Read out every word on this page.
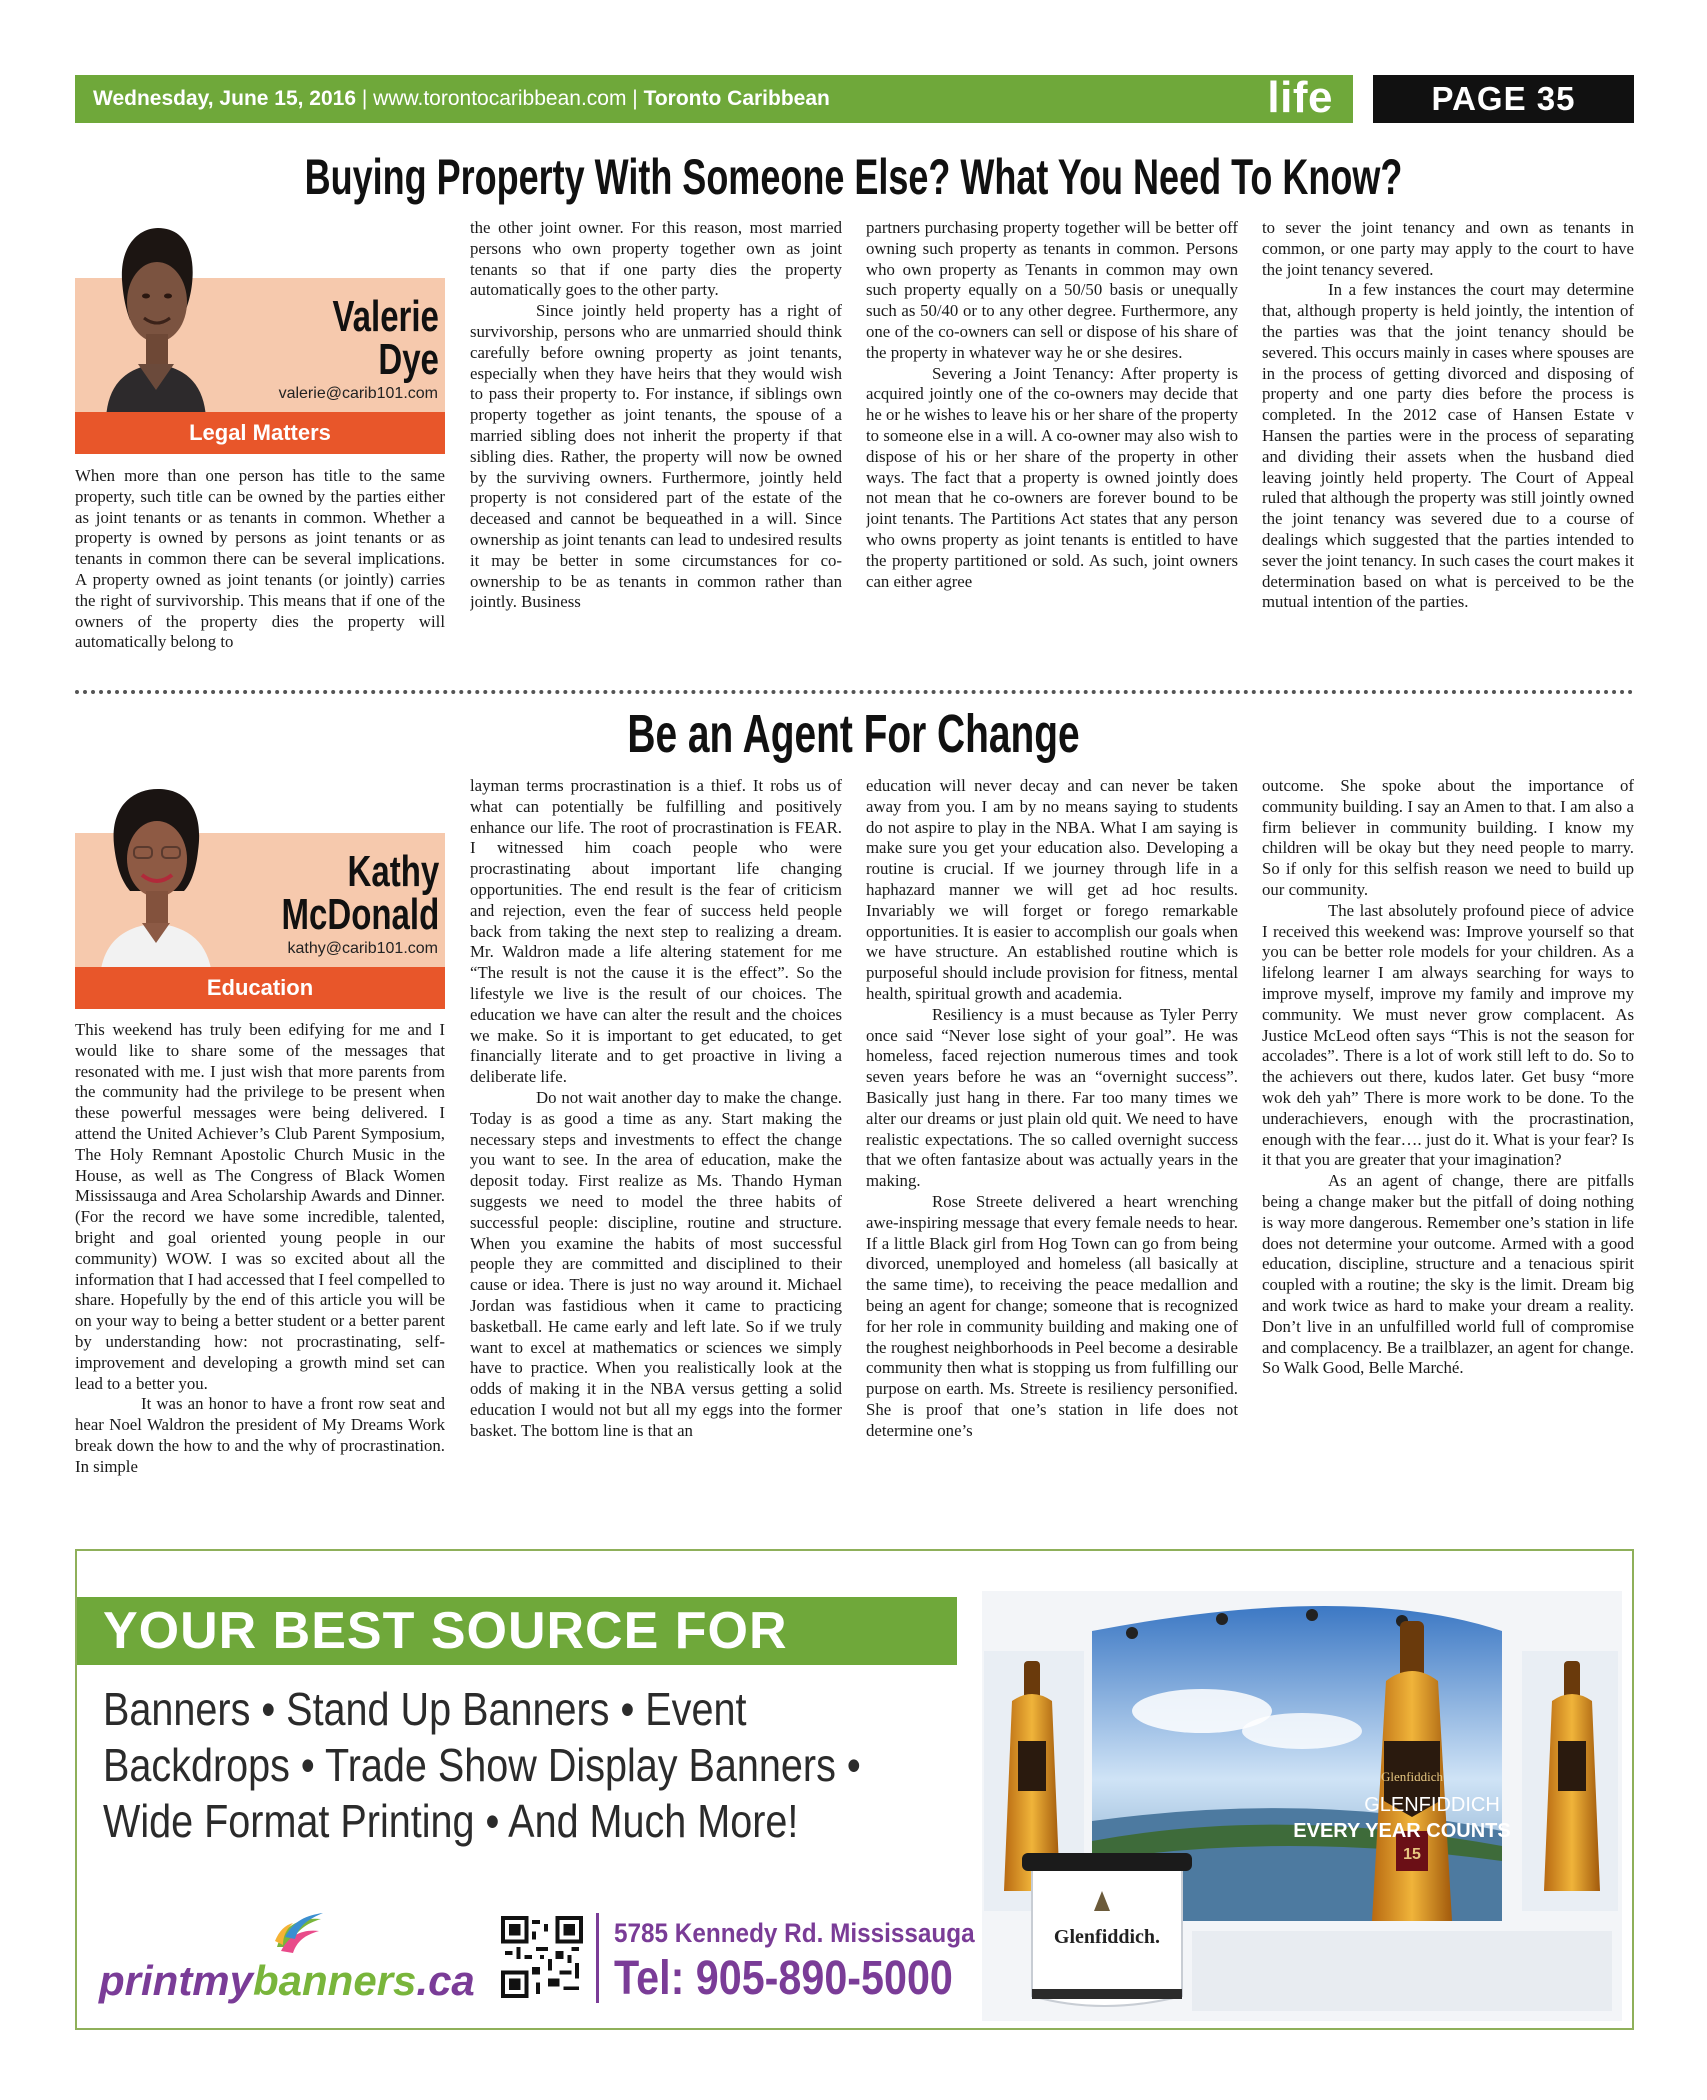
Wednesday, June 15, 2016 | www.torontocaribbean.com | Toronto Caribbean	life	PAGE 35
Buying Property With Someone Else? What You Need To Know?
Valerie
Dye
valerie@carib101.com
Legal Matters

When more than one person has title to the same property, such title can be owned by the parties either as joint tenants or as tenants in common. Whether a property is owned by persons as joint tenants or as tenants in common there can be several implications. A property owned as joint tenants (or jointly) carries the right of survivorship. This means that if one of the owners of the property dies the property will automatically belong to

the other joint owner. For this reason, most married persons who own property together own as joint tenants so that if one party dies the property automatically goes to the other party.

Since jointly held property has a right of survivorship, persons who are unmarried should think carefully before owning property as joint tenants, especially when they have heirs that they would wish to pass their property to. For instance, if siblings own property together as joint tenants, the spouse of a married sibling does not inherit the property if that sibling dies. Rather, the property will now be owned by the surviving owners. Furthermore, jointly held property is not considered part of the estate of the deceased and cannot be bequeathed in a will. Since ownership as joint tenants can lead to undesired results it may be better in some circumstances for co-ownership to be as tenants in common rather than jointly. Business

partners purchasing property together will be better off owning such property as tenants in common. Persons who own property as Tenants in common may own such property equally on a 50/50 basis or unequally such as 50/40 or to any other degree. Furthermore, any one of the co-owners can sell or dispose of his share of the property in whatever way he or she desires.

Severing a Joint Tenancy: After property is acquired jointly one of the co-owners may decide that he or he wishes to leave his or her share of the property to someone else in a will. A co-owner may also wish to dispose of his or her share of the property in other ways. The fact that a property is owned jointly does not mean that he co-owners are forever bound to be joint tenants. The Partitions Act states that any person who owns property as joint tenants is entitled to have the property partitioned or sold. As such, joint owners can either agree

to sever the joint tenancy and own as tenants in common, or one party may apply to the court to have the joint tenancy severed.

In a few instances the court may determine that, although property is held jointly, the intention of the parties was that the joint tenancy should be severed. This occurs mainly in cases where spouses are in the process of getting divorced and disposing of property and one party dies before the process is completed. In the 2012 case of Hansen Estate v Hansen the parties were in the process of separating and dividing their assets when the husband died leaving jointly held property. The Court of Appeal ruled that although the property was still jointly owned the joint tenancy was severed due to a course of dealings which suggested that the parties intended to sever the joint tenancy. In such cases the court makes it determination based on what is perceived to be the mutual intention of the parties.

Be an Agent For Change
Kathy
McDonald
kathy@carib101.com
Education

This weekend has truly been edifying for me and I would like to share some of the messages that resonated with me. I just wish that more parents from the community had the privilege to be present when these powerful messages were being delivered. I attend the United Achiever’s Club Parent Symposium, The Holy Remnant Apostolic Church Music in the House, as well as The Congress of Black Women Mississauga and Area Scholarship Awards and Dinner. (For the record we have some incredible, talented, bright and goal oriented young people in our community) WOW. I was so excited about all the information that I had accessed that I feel compelled to share. Hopefully by the end of this article you will be on your way to being a better student or a better parent by understanding how: not procrastinating, self-improvement and developing a growth mind set can lead to a better you.

It was an honor to have a front row seat and hear Noel Waldron the president of My Dreams Work break down the how to and the why of procrastination. In simple

layman terms procrastination is a thief. It robs us of what can potentially be fulfilling and positively enhance our life. The root of procrastination is FEAR. I witnessed him coach people who were procrastinating about important life changing opportunities. The end result is the fear of criticism and rejection, even the fear of success held people back from taking the next step to realizing a dream. Mr. Waldron made a life altering statement for me “The result is not the cause it is the effect”. So the lifestyle we live is the result of our choices. The education we have can alter the result and the choices we make. So it is important to get educated, to get financially literate and to get proactive in living a deliberate life.

Do not wait another day to make the change. Today is as good a time as any. Start making the necessary steps and investments to effect the change you want to see. In the area of education, make the deposit today. First realize as Ms. Thando Hyman suggests we need to model the three habits of successful people: discipline, routine and structure. When you examine the habits of most successful people they are committed and disciplined to their cause or idea. There is just no way around it. Michael Jordan was fastidious when it came to practicing basketball. He came early and left late. So if we truly want to excel at mathematics or sciences we simply have to practice. When you realistically look at the odds of making it in the NBA versus getting a solid education I would not but all my eggs into the former basket. The bottom line is that an

education will never decay and can never be taken away from you. I am by no means saying to students do not aspire to play in the NBA. What I am saying is make sure you get your education also. Developing a routine is crucial. If we journey through life in a haphazard manner we will get ad hoc results. Invariably we will forget or forego remarkable opportunities. It is easier to accomplish our goals when we have structure. An established routine which is purposeful should include provision for fitness, mental health, spiritual growth and academia.

Resiliency is a must because as Tyler Perry once said “Never lose sight of your goal”. He was homeless, faced rejection numerous times and took seven years before he was an “overnight success”. Basically just hang in there. Far too many times we alter our dreams or just plain old quit. We need to have realistic expectations. The so called overnight success that we often fantasize about was actually years in the making.

Rose Streete delivered a heart wrenching awe-inspiring message that every female needs to hear. If a little Black girl from Hog Town can go from being divorced, unemployed and homeless (all basically at the same time), to receiving the peace medallion and being an agent for change; someone that is recognized for her role in community building and making one of the roughest neighborhoods in Peel become a desirable community then what is stopping us from fulfilling our purpose on earth. Ms. Streete is resiliency personified. She is proof that one’s station in life does not determine one’s

outcome. She spoke about the importance of community building. I say an Amen to that. I am also a firm believer in community building. I know my children will be okay but they need people to marry. So if only for this selfish reason we need to build up our community.

The last absolutely profound piece of advice I received this weekend was: Improve yourself so that you can be better role models for your children. As a lifelong learner I am always searching for ways to improve myself, improve my family and improve my community. We must never grow complacent. As Justice McLeod often says “This is not the season for accolades”. There is a lot of work still left to do. So to the achievers out there, kudos later. Get busy “more wok deh yah” There is more work to be done. To the underachievers, enough with the procrastination, enough with the fear…. just do it. What is your fear? Is it that you are greater that your imagination?

As an agent of change, there are pitfalls being a change maker but the pitfall of doing nothing is way more dangerous. Remember one’s station in life does not determine your outcome. Armed with a good education, discipline, structure and a tenacious spirit coupled with a routine; the sky is the limit. Dream big and work twice as hard to make your dream a reality. Don’t live in an unfulfilled world full of compromise and complacency. Be a trailblazer, an agent for change. So Walk Good, Belle Marché.

YOUR BEST SOURCE FOR
Banners • Stand Up Banners • Event
Backdrops • Trade Show Display Banners •
Wide Format Printing • And Much More!
printmybanners.ca
5785 Kennedy Rd. Mississauga
Tel: 905-890-5000
Glenfiddich
15
GLENFIDDICH
EVERY YEAR COUNTS
Glenfiddich.
